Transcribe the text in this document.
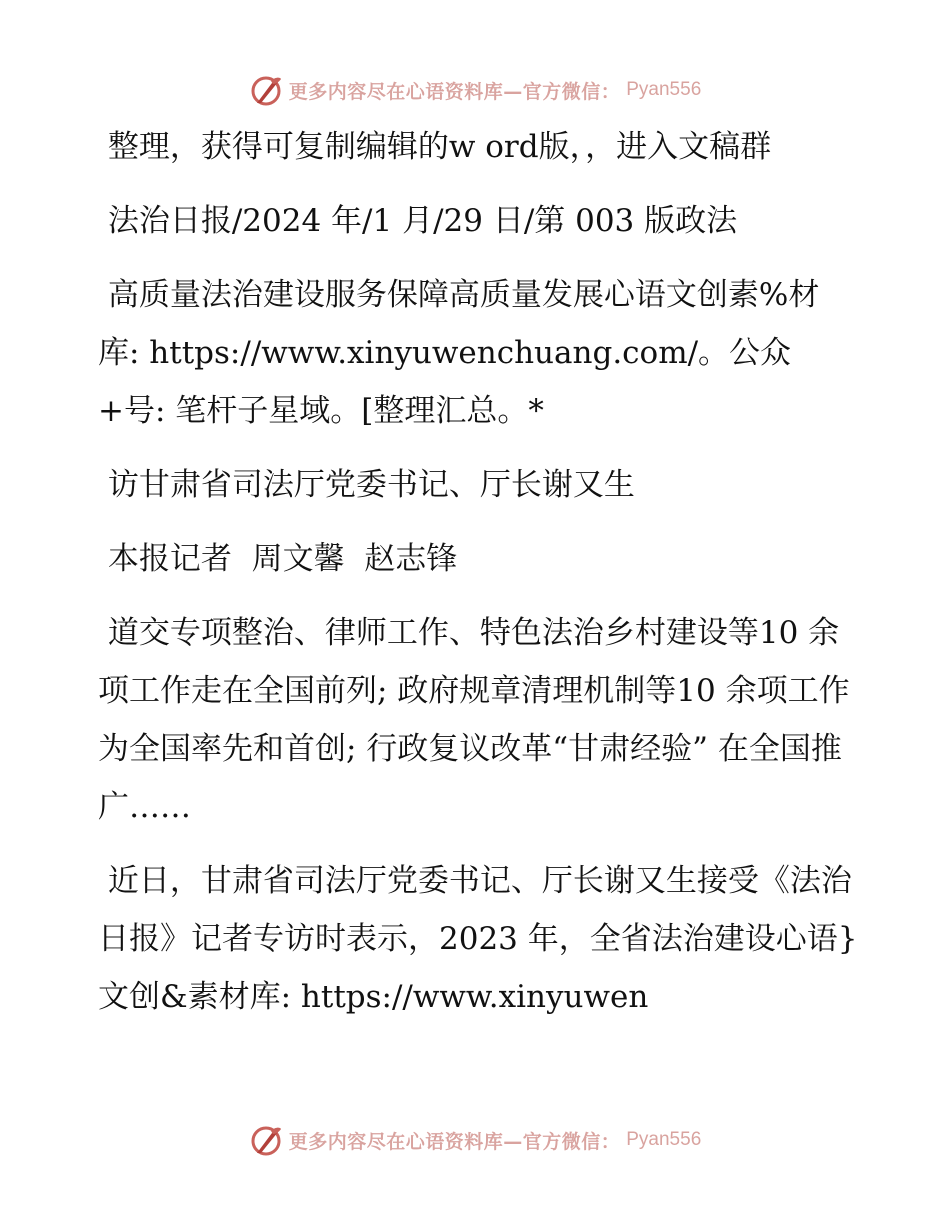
更多内容尽在心语资料库—官方微信： Pyan556

整理，获得可复制编辑的w ord版，，进入文稿群

法治日报/2024 年/1 月/29 日/第 003 版政法

高质量法治建设服务保障高质量发展心语文创素%材库: https://www.xinyuwenchuang.com/。公众+号: 笔杆子星域。[整理汇总。*

访甘肃省司法厅党委书记、厅长谢又生

本报记者  周文馨  赵志锋

道交专项整治、律师工作、特色法治乡村建设等10 余项工作走在全国前列; 政府规章清理机制等10 余项工作为全国率先和首创; 行政复议改革“甘肃经验” 在全国推广……

近日，甘肃省司法厅党委书记、厅长谢又生接受《法治日报》记者专访时表示，2023 年，全省法治建设心语}文创&素材库: https://www.xinyuwen

更多内容尽在心语资料库—官方微信： Pyan556
